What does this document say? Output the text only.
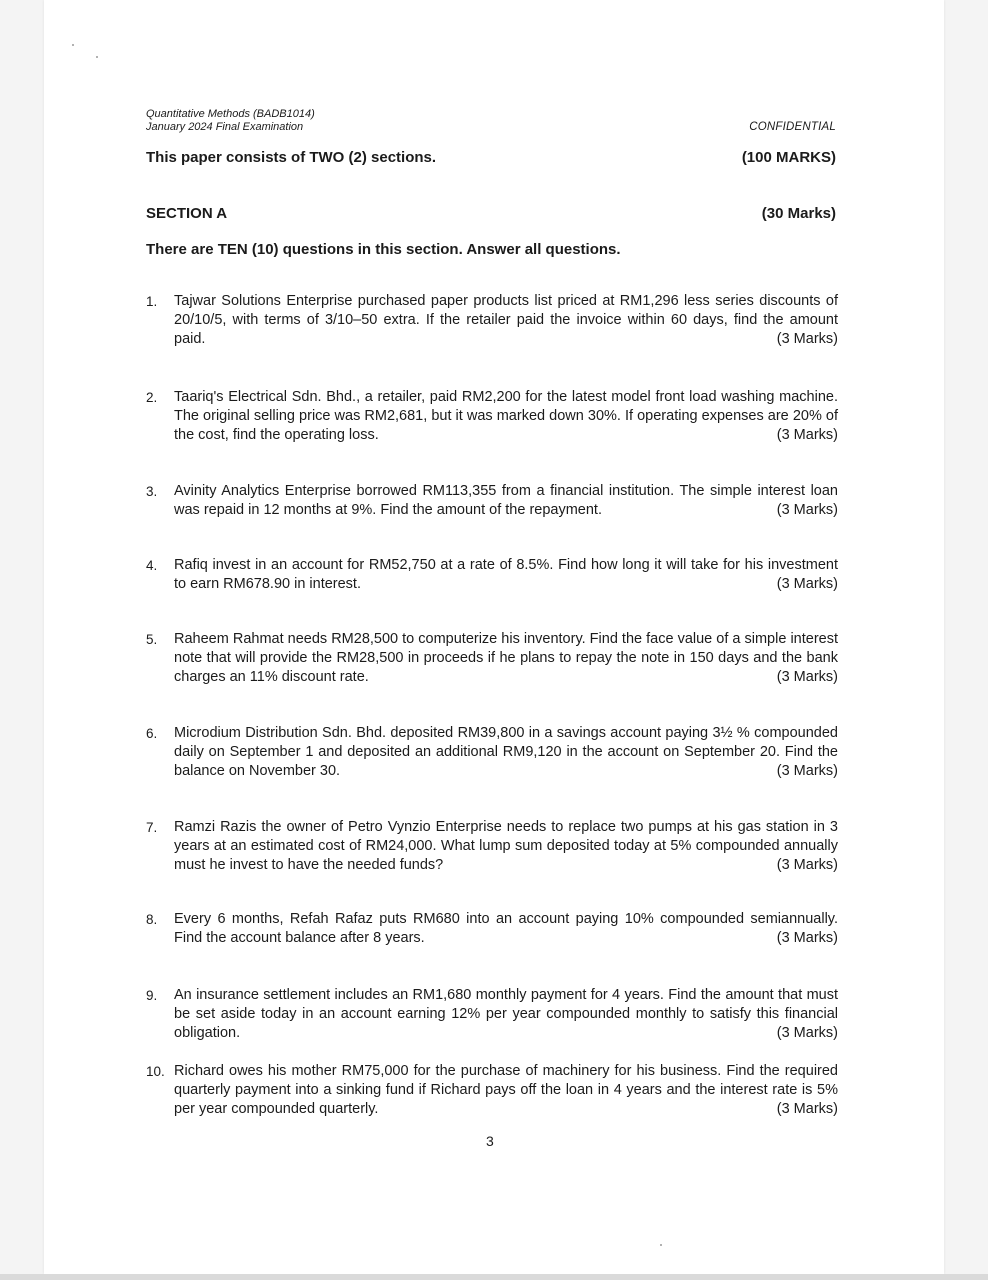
Quantitative Methods (BADB1014)
January 2024 Final Examination	CONFIDENTIAL
This paper consists of TWO (2) sections.	(100 MARKS)
SECTION A	(30 Marks)
There are TEN (10) questions in this section. Answer all questions.
1. Tajwar Solutions Enterprise purchased paper products list priced at RM1,296 less series discounts of 20/10/5, with terms of 3/10–50 extra. If the retailer paid the invoice within 60 days, find the amount paid.	(3 Marks)
2. Taariq's Electrical Sdn. Bhd., a retailer, paid RM2,200 for the latest model front load washing machine. The original selling price was RM2,681, but it was marked down 30%. If operating expenses are 20% of the cost, find the operating loss.	(3 Marks)
3. Avinity Analytics Enterprise borrowed RM113,355 from a financial institution. The simple interest loan was repaid in 12 months at 9%. Find the amount of the repayment.	(3 Marks)
4. Rafiq invest in an account for RM52,750 at a rate of 8.5%. Find how long it will take for his investment to earn RM678.90 in interest.	(3 Marks)
5. Raheem Rahmat needs RM28,500 to computerize his inventory. Find the face value of a simple interest note that will provide the RM28,500 in proceeds if he plans to repay the note in 150 days and the bank charges an 11% discount rate.	(3 Marks)
6. Microdium Distribution Sdn. Bhd. deposited RM39,800 in a savings account paying 3½ % compounded daily on September 1 and deposited an additional RM9,120 in the account on September 20. Find the balance on November 30.	(3 Marks)
7. Ramzi Razis the owner of Petro Vynzio Enterprise needs to replace two pumps at his gas station in 3 years at an estimated cost of RM24,000. What lump sum deposited today at 5% compounded annually must he invest to have the needed funds?	(3 Marks)
8. Every 6 months, Refah Rafaz puts RM680 into an account paying 10% compounded semiannually. Find the account balance after 8 years.	(3 Marks)
9. An insurance settlement includes an RM1,680 monthly payment for 4 years. Find the amount that must be set aside today in an account earning 12% per year compounded monthly to satisfy this financial obligation.	(3 Marks)
10. Richard owes his mother RM75,000 for the purchase of machinery for his business. Find the required quarterly payment into a sinking fund if Richard pays off the loan in 4 years and the interest rate is 5% per year compounded quarterly.	(3 Marks)
3
